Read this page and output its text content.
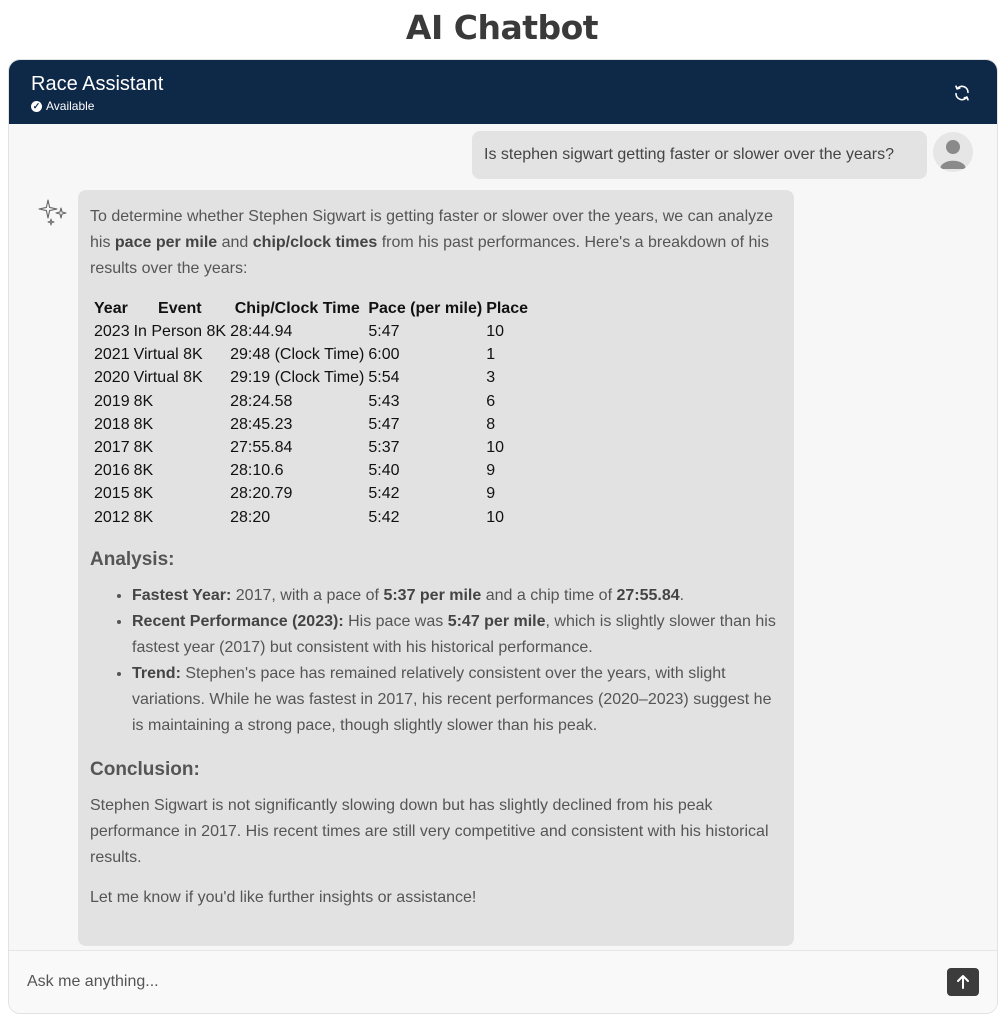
AI Chatbot
Race Assistant
✓ Available
Is stephen sigwart getting faster or slower over the years?

To determine whether Stephen Sigwart is getting faster or slower over the years, we can analyze his pace per mile and chip/clock times from his past performances. Here's a breakdown of his results over the years:

Year	Event	Chip/Clock Time	Pace (per mile)	Place
2023	In Person 8K	28:44.94	5:47	10
2021	Virtual 8K	29:48 (Clock Time)	6:00	1
2020	Virtual 8K	29:19 (Clock Time)	5:54	3
2019	8K	28:24.58	5:43	6
2018	8K	28:45.23	5:47	8
2017	8K	27:55.84	5:37	10
2016	8K	28:10.6	5:40	9
2015	8K	28:20.79	5:42	9
2012	8K	28:20	5:42	10
Analysis:
• Fastest Year: 2017, with a pace of 5:37 per mile and a chip time of 27:55.84.
• Recent Performance (2023): His pace was 5:47 per mile, which is slightly slower than his fastest year (2017) but consistent with his historical performance.
• Trend: Stephen's pace has remained relatively consistent over the years, with slight variations. While he was fastest in 2017, his recent performances (2020–2023) suggest he is maintaining a strong pace, though slightly slower than his peak.
Conclusion:

Stephen Sigwart is not significantly slowing down but has slightly declined from his peak performance in 2017. His recent times are still very competitive and consistent with his historical results.

Let me know if you'd like further insights or assistance!

Ask me anything...
